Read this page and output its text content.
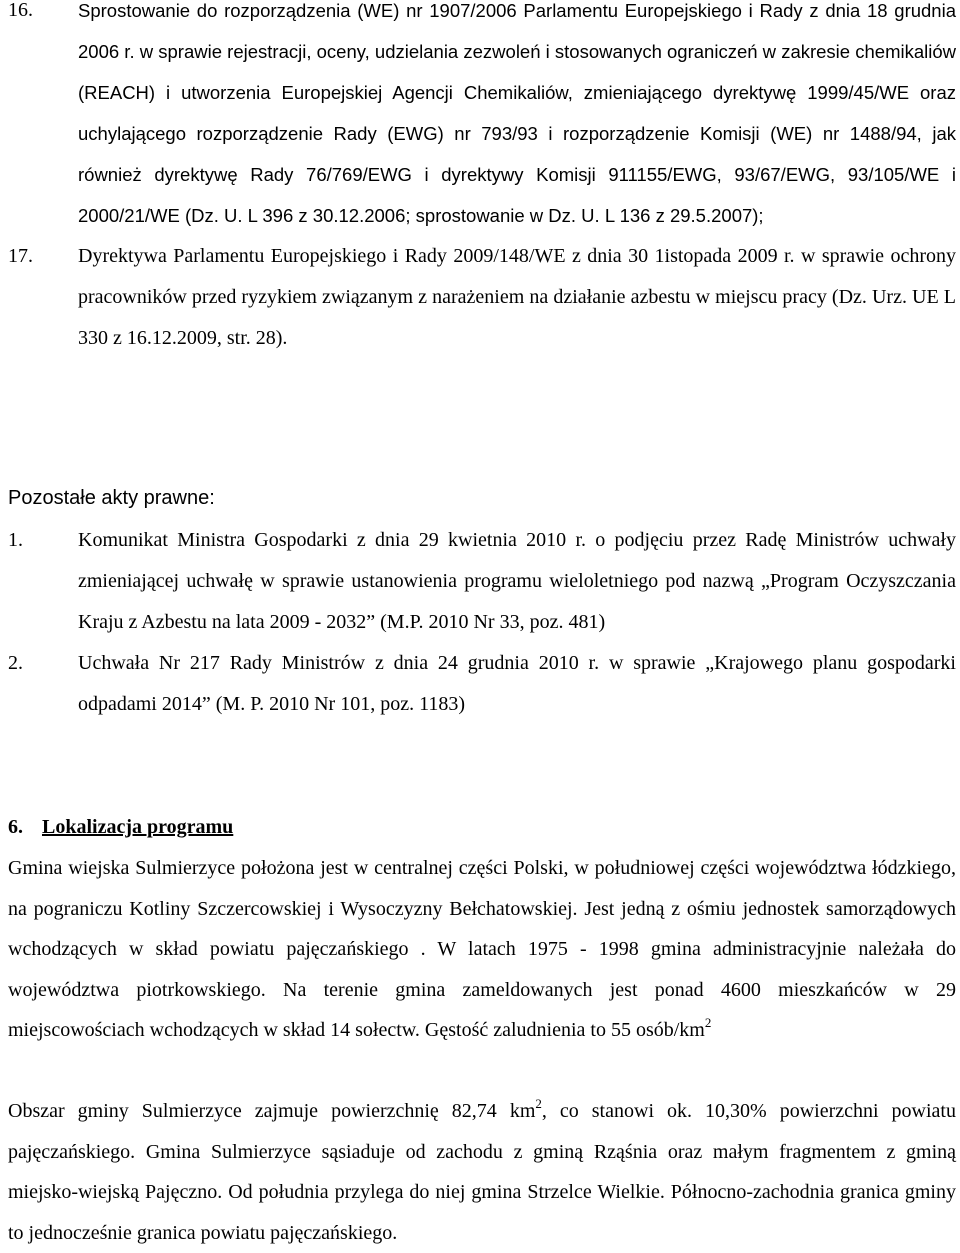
16.	Sprostowanie do rozporządzenia (WE) nr 1907/2006 Parlamentu Europejskiego i Rady z dnia 18 grudnia 2006 r. w sprawie rejestracji, oceny, udzielania zezwoleń i stosowanych ograniczeń w zakresie chemikaliów (REACH) i utworzenia Europejskiej Agencji Chemikaliów, zmieniającego dyrektywę 1999/45/WE oraz uchylającego rozporządzenie Rady (EWG) nr 793/93 i rozporządzenie Komisji (WE) nr 1488/94, jak również dyrektywę Rady 76/769/EWG i dyrektywy Komisji 911155/EWG, 93/67/EWG, 93/105/WE i 2000/21/WE (Dz. U. L 396 z 30.12.2006; sprostowanie w Dz. U. L 136 z 29.5.2007);
17.	Dyrektywa Parlamentu Europejskiego i Rady 2009/148/WE z dnia 30 1istopada 2009 r. w sprawie ochrony pracowników przed ryzykiem związanym z narażeniem na działanie azbestu w miejscu pracy (Dz. Urz. UE L 330 z 16.12.2009, str. 28).
Pozostałe akty prawne:
1.	Komunikat Ministra Gospodarki z dnia 29 kwietnia 2010 r. o podjęciu przez Radę Ministrów uchwały zmieniającej uchwałę w sprawie ustanowienia programu wieloletniego pod nazwą „Program Oczyszczania Kraju z Azbestu na lata 2009 - 2032” (M.P. 2010 Nr 33, poz. 481)
2.	Uchwała Nr 217 Rady Ministrów z dnia 24 grudnia 2010 r. w sprawie „Krajowego planu gospodarki odpadami 2014” (M. P. 2010 Nr 101, poz. 1183)
6. Lokalizacja programu
Gmina wiejska Sulmierzyce położona jest w centralnej części Polski, w południowej części województwa łódzkiego, na pograniczu Kotliny Szczercowskiej i Wysoczyzny Bełchatowskiej. Jest jedną z ośmiu jednostek samorządowych wchodzących w skład powiatu pajęczańskiego . W latach 1975 - 1998 gmina administracyjnie należała do województwa piotrkowskiego. Na terenie gmina zameldowanych jest ponad 4600 mieszkańców w 29 miejscowościach wchodzących w skład 14 sołectw. Gęstość zaludnienia to 55 osób/$km^2$
Obszar gminy Sulmierzyce zajmuje powierzchnię 82,74 $km^2$, co stanowi ok. 10,30% powierzchni powiatu pajęczańskiego. Gmina Sulmierzyce sąsiaduje od zachodu z gminą Rząśnia oraz małym fragmentem z gminą miejsko-wiejską Pajęczno. Od południa przylega do niej gmina Strzelce Wielkie. Północno-zachodnia granica gminy to jednocześnie granica powiatu pajęczańskiego.
